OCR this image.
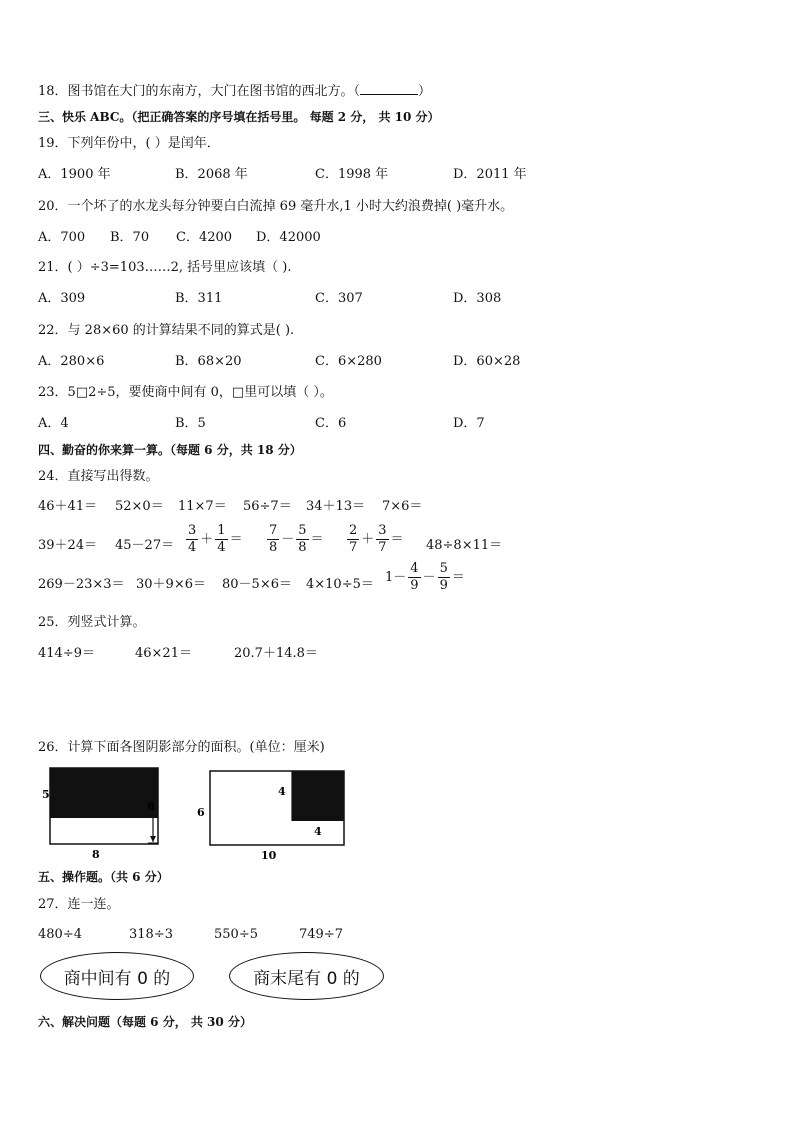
18．图书馆在大门的东南方，大门在图书馆的西北方。（	）
三、快乐 ABC。（把正确答案的序号填在括号里。 每题 2 分， 共 10 分）
19．下列年份中，( ）是闰年．
A．1900 年	B．2068 年	C．1998 年	D．2011 年
20．一个坏了的水龙头每分钟要白白流掉 69 毫升水,1 小时大约浪费掉( )毫升水。
A．700 B．70 C．4200 D．42000
21．( ）÷3=103……2, 括号里应该填（ ).
A．309	B．311	C．307	D．308
22．与 28×60 的计算结果不同的算式是( ).
A．280×6	B．68×20	C．6×280	D．60×28
23．5□2÷5，要使商中间有 0，□里可以填（ ）。
A．4	B．5	C．6	D．7
四、勤奋的你来算一算。（每题 6 分，共 18 分）
24．直接写出得数。
46＋41＝ 52×0＝ 11×7＝ 56÷7＝ 34＋13＝ 7×6＝
$39+24= 45-27= \frac{3}{4} + \frac{1}{4} = \frac{7}{8} - \frac{5}{8} = \frac{2}{7} + \frac{3}{7} = 48\div 8\times 11=$
$269-23\times 3= 30+9\times 6= 80-5\times 6= 4\times 10\div 5= 1- \frac{4}{9} - \frac{5}{9}$ ＝
25．列竖式计算。
414÷9＝	46×21＝	20.7＋14.8＝
26．计算下面各图阴影部分的面积。(单位：厘米)
5
8
8
6
4
4
10
五、操作题。（共 6 分）
27．连一连。
480÷4	318÷3	550÷5	749÷7
商中间有 0 的	商末尾有 0 的
六、解决问题（每题 6 分， 共 30 分）
